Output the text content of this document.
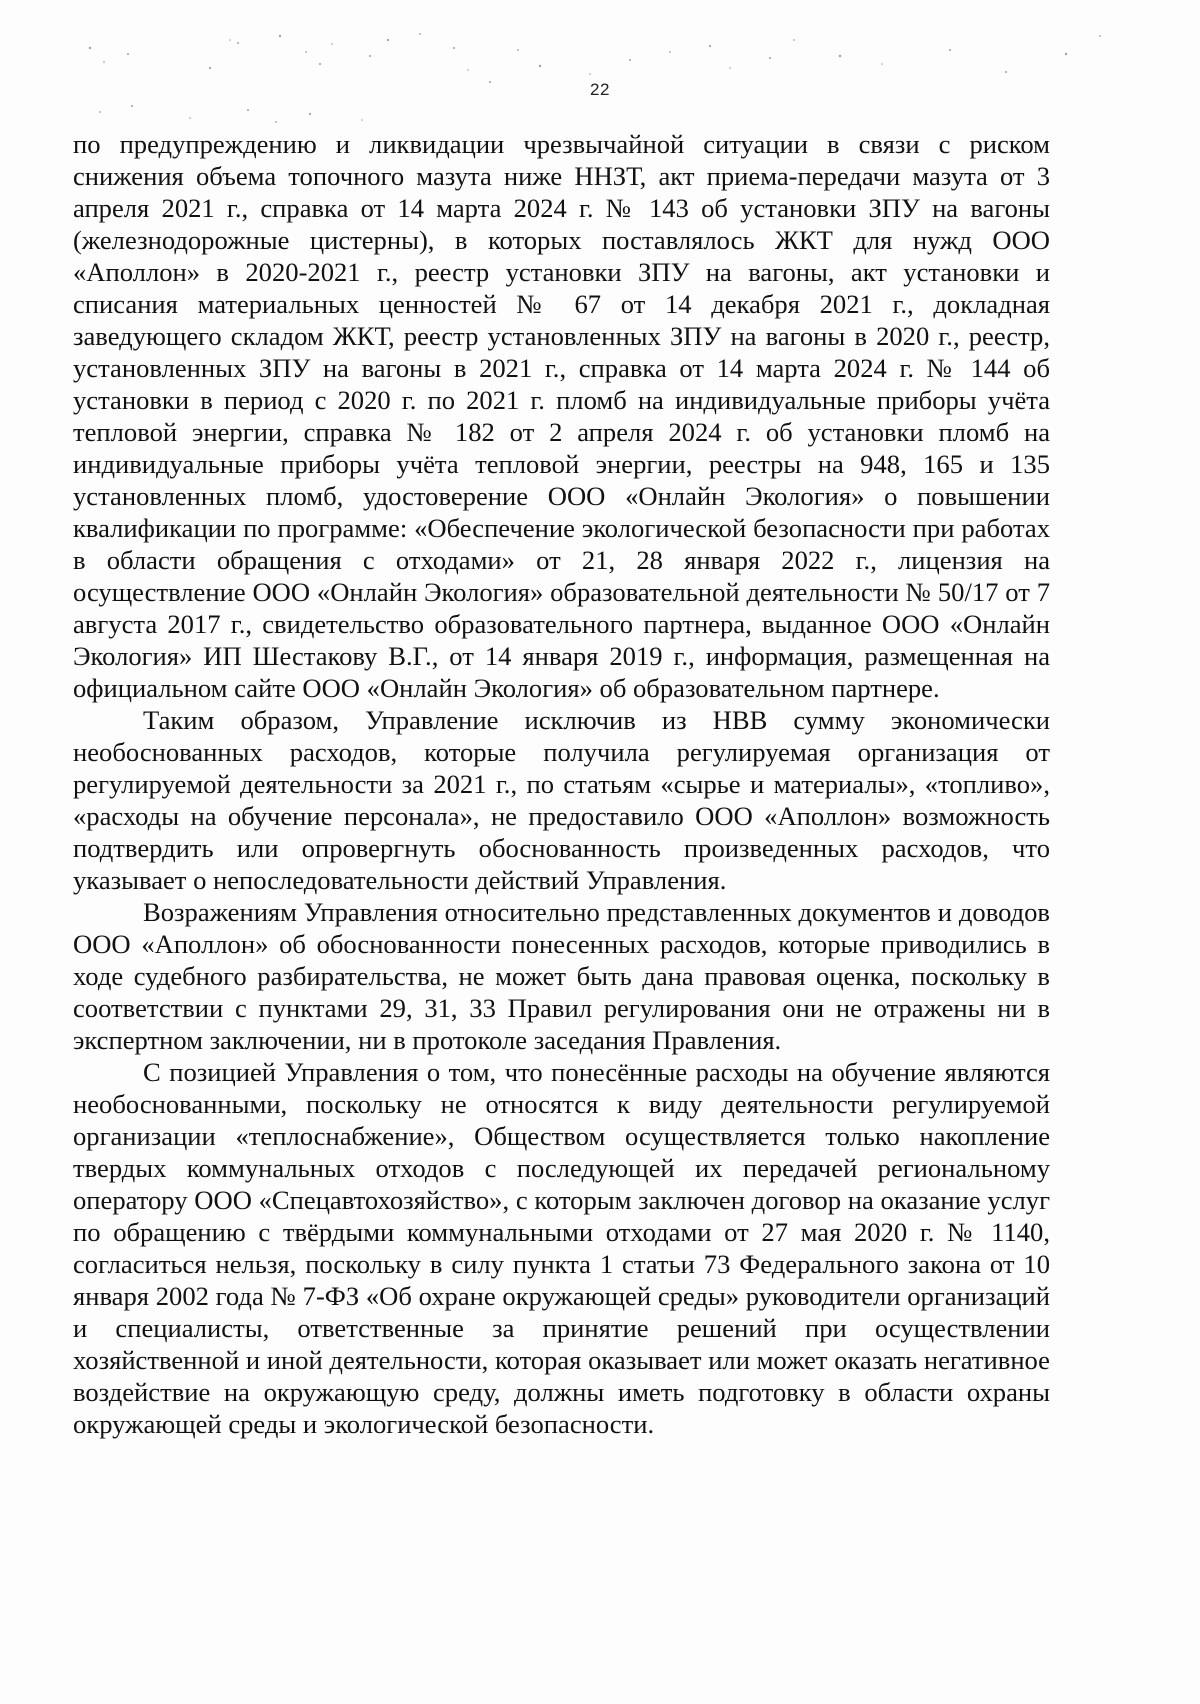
22

по предупреждению и ликвидации чрезвычайной ситуации в связи с риском снижения объема топочного мазута ниже ННЗТ, акт приема-передачи мазута от 3 апреля 2021 г., справка от 14 марта 2024 г. № 143 об установки ЗПУ на вагоны (железнодорожные цистерны), в которых поставлялось ЖКТ для нужд ООО «Аполлон» в 2020-2021 г., реестр установки ЗПУ на вагоны, акт установки и списания материальных ценностей № 67 от 14 декабря 2021 г., докладная заведующего складом ЖКТ, реестр установленных ЗПУ на вагоны в 2020 г., реестр, установленных ЗПУ на вагоны в 2021 г., справка от 14 марта 2024 г. № 144 об установки в период с 2020 г. по 2021 г. пломб на индивидуальные приборы учёта тепловой энергии, справка № 182 от 2 апреля 2024 г. об установки пломб на индивидуальные приборы учёта тепловой энергии, реестры на 948, 165 и 135 установленных пломб, удостоверение ООО «Онлайн Экология» о повышении квалификации по программе: «Обеспечение экологической безопасности при работах в области обращения с отходами» от 21, 28 января 2022 г., лицензия на осуществление ООО «Онлайн Экология» образовательной деятельности № 50/17 от 7 августа 2017 г., свидетельство образовательного партнера, выданное ООО «Онлайн Экология» ИП Шестакову В.Г., от 14 января 2019 г., информация, размещенная на официальном сайте ООО «Онлайн Экология» об образовательном партнере.

Таким образом, Управление исключив из НВВ сумму экономически необоснованных расходов, которые получила регулируемая организация от регулируемой деятельности за 2021 г., по статьям «сырье и материалы», «топливо», «расходы на обучение персонала», не предоставило ООО «Аполлон» возможность подтвердить или опровергнуть обоснованность произведенных расходов, что указывает о непоследовательности действий Управления.

Возражениям Управления относительно представленных документов и доводов ООО «Аполлон» об обоснованности понесенных расходов, которые приводились в ходе судебного разбирательства, не может быть дана правовая оценка, поскольку в соответствии с пунктами 29, 31, 33 Правил регулирования они не отражены ни в экспертном заключении, ни в протоколе заседания Правления.

С позицией Управления о том, что понесённые расходы на обучение являются необоснованными, поскольку не относятся к виду деятельности регулируемой организации «теплоснабжение», Обществом осуществляется только накопление твердых коммунальных отходов с последующей их передачей региональному оператору ООО «Спецавтохозяйство», с которым заключен договор на оказание услуг по обращению с твёрдыми коммунальными отходами от 27 мая 2020 г. № 1140, согласиться нельзя, поскольку в силу пункта 1 статьи 73 Федерального закона от 10 января 2002 года № 7-ФЗ «Об охране окружающей среды» руководители организаций и специалисты, ответственные за принятие решений при осуществлении хозяйственной и иной деятельности, которая оказывает или может оказать негативное воздействие на окружающую среду, должны иметь подготовку в области охраны окружающей среды и экологической безопасности.
